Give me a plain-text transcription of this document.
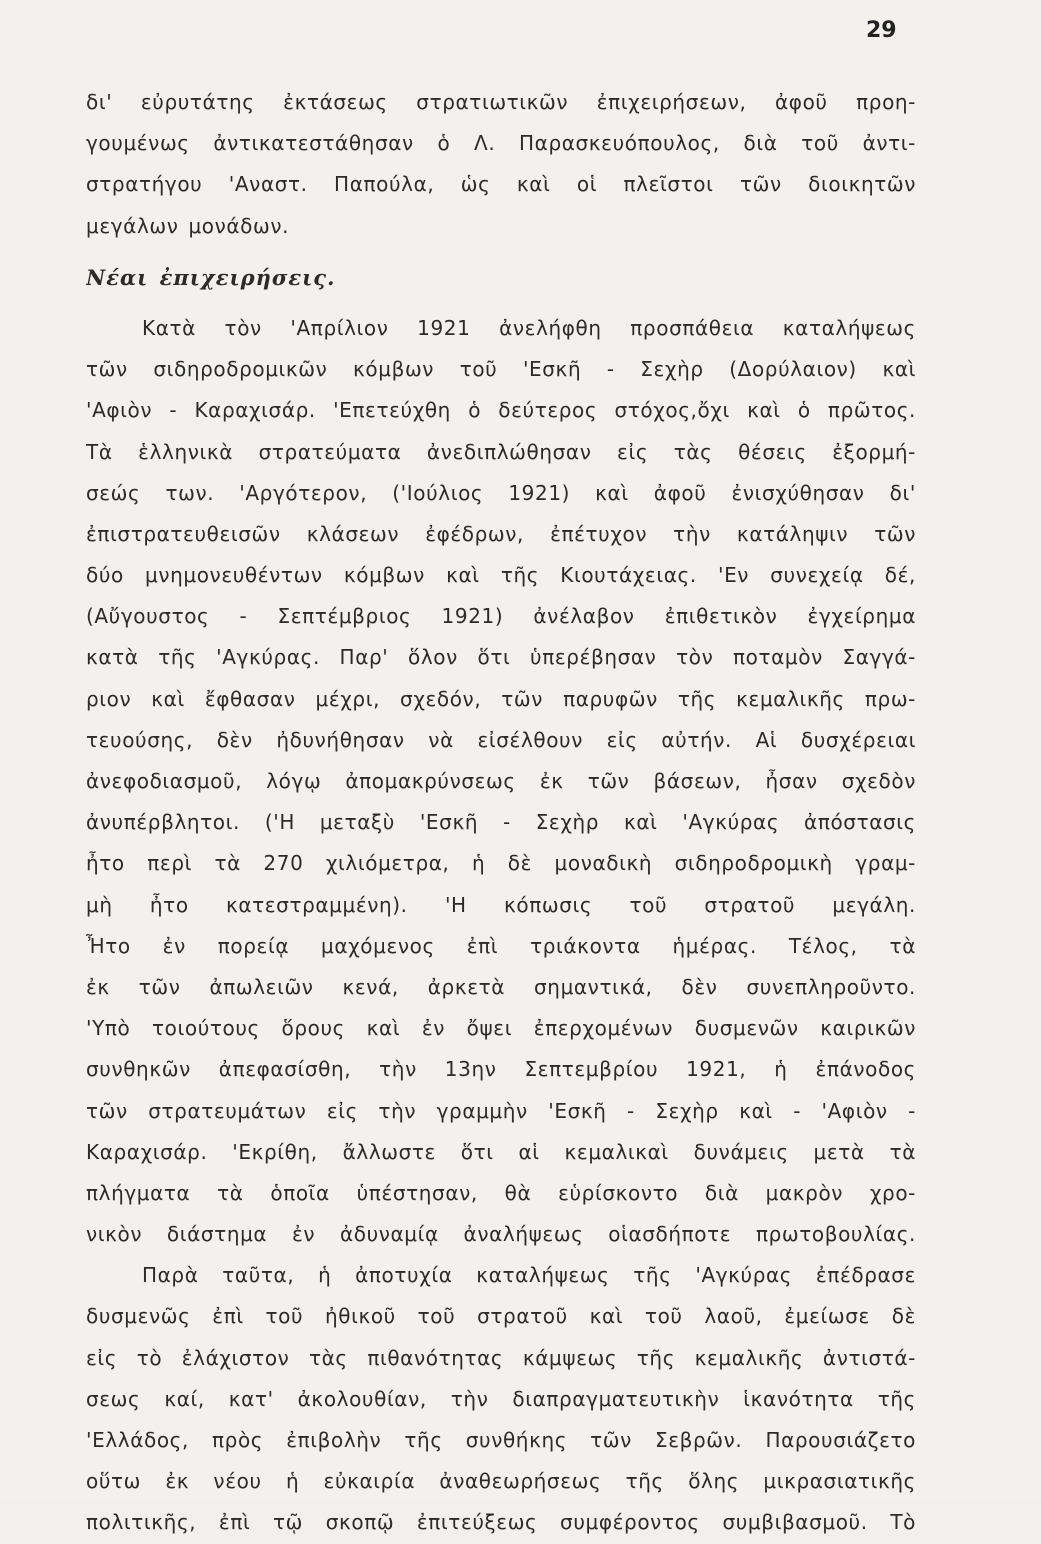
29
δι' εὐρυτάτης ἐκτάσεως στρατιωτικῶν ἐπιχειρήσεων, ἀφοῦ προη-
γουμένως ἀντικατεστάθησαν ὁ Λ. Παρασκευόπουλος, διὰ τοῦ ἀντι-
στρατήγου 'Αναστ. Παπούλα, ὡς καὶ οἱ πλεῖστοι τῶν διοικητῶν
μεγάλων μονάδων.
Νέαι ἐπιχειρήσεις.
Κατὰ τὸν 'Απρίλιον 1921 ἀνελήφθη προσπάθεια καταλήψεως
τῶν σιδηροδρομικῶν κόμβων τοῦ 'Εσκῆ - Σεχὴρ (Δορύλαιον) καὶ
'Αφιὸν - Καραχισάρ. 'Επετεύχθη ὁ δεύτερος στόχος,ὄχι καὶ ὁ πρῶτος.
Τὰ ἑλληνικὰ στρατεύματα ἀνεδιπλώθησαν εἰς τὰς θέσεις ἐξορμή-
σεώς των. 'Αργότερον, ('Ιούλιος 1921) καὶ ἀφοῦ ἐνισχύθησαν δι'
ἐπιστρατευθεισῶν κλάσεων ἐφέδρων, ἐπέτυχον τὴν κατάληψιν τῶν
δύο μνημονευθέντων κόμβων καὶ τῆς Κιουτάχειας. 'Εν συνεχείᾳ δέ,
(Αὔγουστος - Σεπτέμβριος 1921) ἀνέλαβον ἐπιθετικὸν ἐγχείρημα
κατὰ τῆς 'Αγκύρας. Παρ' ὅλον ὅτι ὑπερέβησαν τὸν ποταμὸν Σαγγά-
ριον καὶ ἔφθασαν μέχρι, σχεδόν, τῶν παρυφῶν τῆς κεμαλικῆς πρω-
τευούσης, δὲν ἠδυνήθησαν νὰ εἰσέλθουν εἰς αὐτήν. Αἱ δυσχέρειαι
ἀνεφοδιασμοῦ, λόγῳ ἀπομακρύνσεως ἐκ τῶν βάσεων, ἦσαν σχεδὸν
ἀνυπέρβλητοι. ('Η μεταξὺ 'Εσκῆ - Σεχὴρ καὶ 'Αγκύρας ἀπόστασις
ἦτο περὶ τὰ 270 χιλιόμετρα, ἡ δὲ μοναδικὴ σιδηροδρομικὴ γραμ-
μὴ ἦτο κατεστραμμένη). 'Η κόπωσις τοῦ στρατοῦ μεγάλη.
Ἦτο ἐν πορείᾳ μαχόμενος ἐπὶ τριάκοντα ἡμέρας. Τέλος, τὰ
ἐκ τῶν ἀπωλειῶν κενά, ἀρκετὰ σημαντικά, δὲν συνεπληροῦντο.
'Υπὸ τοιούτους ὅρους καὶ ἐν ὄψει ἐπερχομένων δυσμενῶν καιρικῶν
συνθηκῶν ἀπεφασίσθη, τὴν 13ην Σεπτεμβρίου 1921, ἡ ἐπάνοδος
τῶν στρατευμάτων εἰς τὴν γραμμὴν 'Εσκῆ - Σεχὴρ καὶ - 'Αφιὸν -
Καραχισάρ. 'Εκρίθη, ἄλλωστε ὅτι αἱ κεμαλικαὶ δυνάμεις μετὰ τὰ
πλήγματα τὰ ὁποῖα ὑπέστησαν, θὰ εὑρίσκοντο διὰ μακρὸν χρο-
νικὸν διάστημα ἐν ἀδυναμίᾳ ἀναλήψεως οἱασδήποτε πρωτοβουλίας.
Παρὰ ταῦτα, ἡ ἀποτυχία καταλήψεως τῆς 'Αγκύρας ἐπέδρασε
δυσμενῶς ἐπὶ τοῦ ἠθικοῦ τοῦ στρατοῦ καὶ τοῦ λαοῦ, ἐμείωσε δὲ
εἰς τὸ ἐλάχιστον τὰς πιθανότητας κάμψεως τῆς κεμαλικῆς ἀντιστά-
σεως καί, κατ' ἀκολουθίαν, τὴν διαπραγματευτικὴν ἱκανότητα τῆς
'Ελλάδος, πρὸς ἐπιβολὴν τῆς συνθήκης τῶν Σεβρῶν. Παρουσιάζετο
οὕτω ἐκ νέου ἡ εὐκαιρία ἀναθεωρήσεως τῆς ὅλης μικρασιατικῆς
πολιτικῆς, ἐπὶ τῷ σκοπῷ ἐπιτεύξεως συμφέροντος συμβιβασμοῦ. Τὸ
